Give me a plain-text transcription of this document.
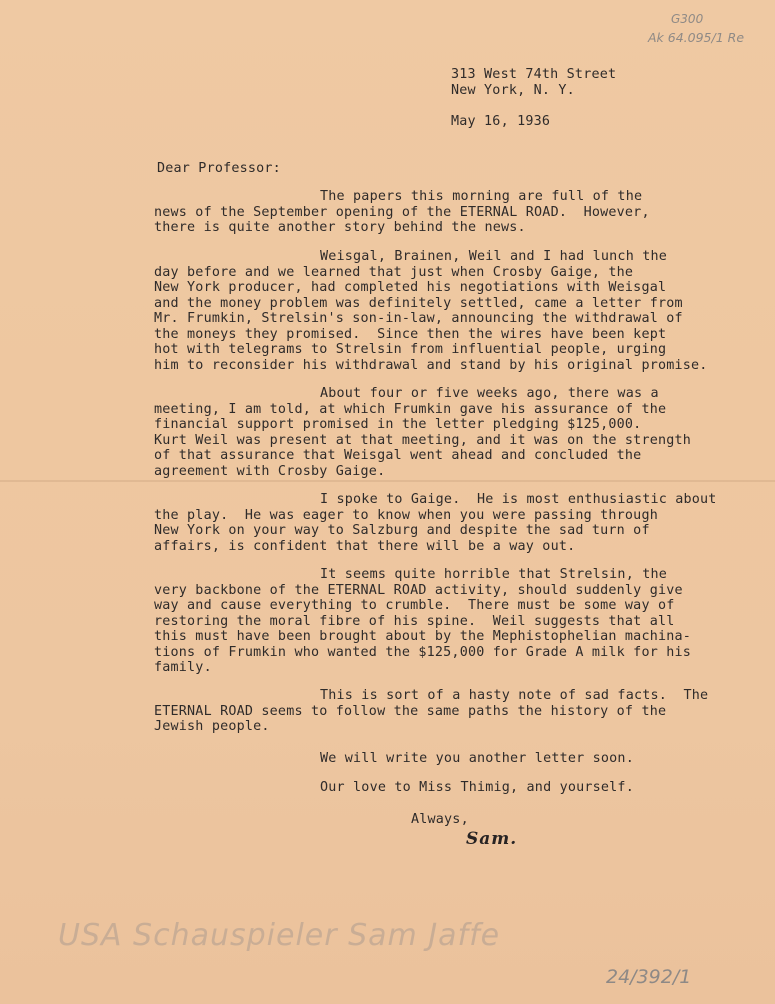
G300
Ak 64.095/1 Re
313 West 74th Street
New York, N. Y.
May 16, 1936
Dear Professor:
The papers this morning are full of the
news of the September opening of the ETERNAL ROAD.  However,
there is quite another story behind the news.
Weisgal, Brainen, Weil and I had lunch the
day before and we learned that just when Crosby Gaige, the
New York producer, had completed his negotiations with Weisgal
and the money problem was definitely settled, came a letter from
Mr. Frumkin, Strelsin's son-in-law, announcing the withdrawal of
the moneys they promised.  Since then the wires have been kept
hot with telegrams to Strelsin from influential people, urging
him to reconsider his withdrawal and stand by his original promise.
About four or five weeks ago, there was a
meeting, I am told, at which Frumkin gave his assurance of the
financial support promised in the letter pledging $125,000.
Kurt Weil was present at that meeting, and it was on the strength
of that assurance that Weisgal went ahead and concluded the
agreement with Crosby Gaige.
I spoke to Gaige.  He is most enthusiastic about
the play.  He was eager to know when you were passing through
New York on your way to Salzburg and despite the sad turn of
affairs, is confident that there will be a way out.
It seems quite horrible that Strelsin, the
very backbone of the ETERNAL ROAD activity, should suddenly give
way and cause everything to crumble.  There must be some way of
restoring the moral fibre of his spine.  Weil suggests that all
this must have been brought about by the Mephistophelian machina-
tions of Frumkin who wanted the $125,000 for Grade A milk for his
family.
This is sort of a hasty note of sad facts.  The
ETERNAL ROAD seems to follow the same paths the history of the
Jewish people.
We will write you another letter soon.
Our love to Miss Thimig, and yourself.
Always,
Sam.
USA Schauspieler Sam Jaffe
24/392/1
